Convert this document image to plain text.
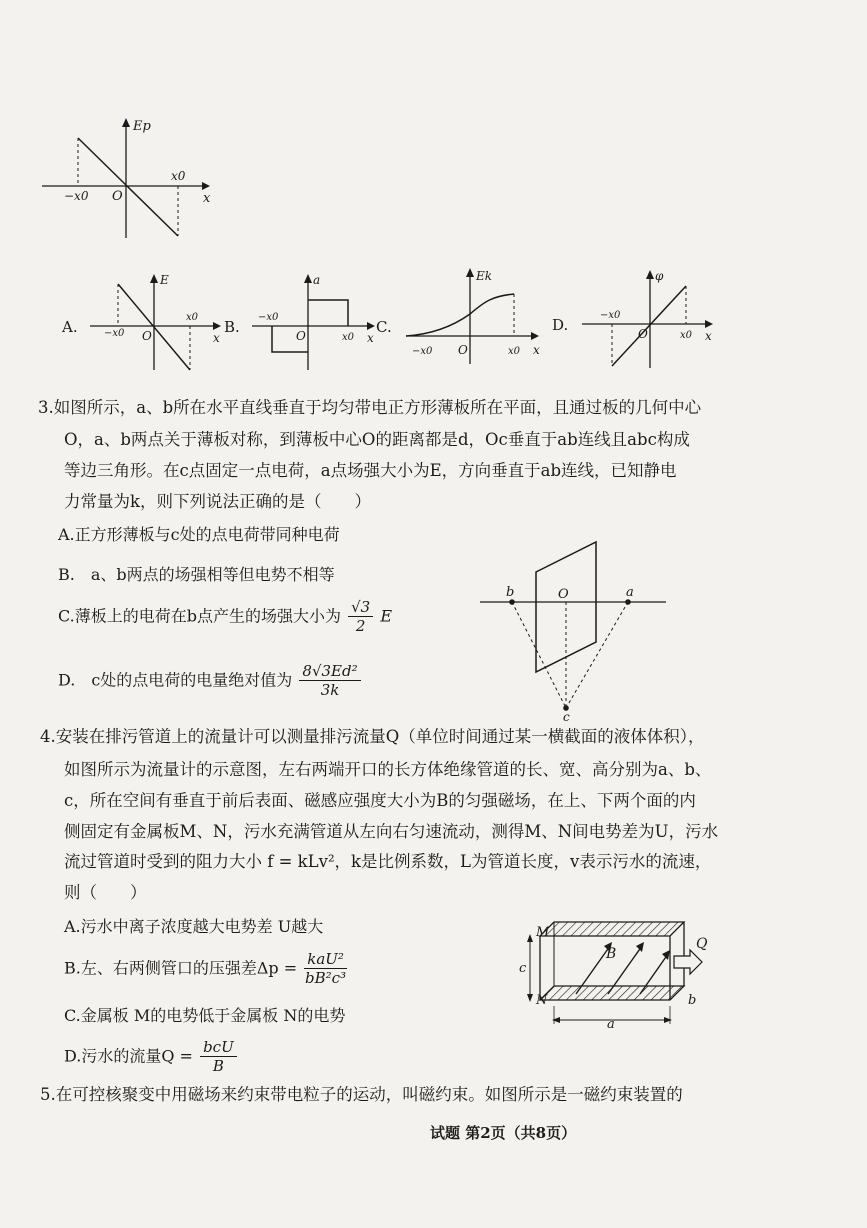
Ep
O
−x0
x0
x
A.
E
O
−x0
x0
x
B.
a
O
−x0
x0 x
C.
Ek
O
−x0	x0 x
D.
φ
O
−x0
x0 x
3.如图所示，a、b所在水平直线垂直于均匀带电正方形薄板所在平面，且通过板的几何中心
O，a、b两点关于薄板对称，到薄板中心O的距离都是d，Oc垂直于ab连线且abc构成
等边三角形。在c点固定一点电荷，a点场强大小为E，方向垂直于ab连线，已知静电
力常量为k，则下列说法正确的是（　　）
A.正方形薄板与c处的点电荷带同种电荷
B.　a、b两点的场强相等但电势不相等
C.薄板上的电荷在b点产生的场强大小为 $\frac{√3}{2}$ E
D.　c处的点电荷的电量绝对值为 $\frac{\text{8√3Ed²}}{3k}$
b	O	a
c
4.安装在排污管道上的流量计可以测量排污流量Q（单位时间通过某一横截面的液体体积），
如图所示为流量计的示意图，左右两端开口的长方体绝缘管道的长、宽、高分别为a、b、
c，所在空间有垂直于前后表面、磁感应强度大小为B的匀强磁场，在上、下两个面的内
侧固定有金属板M、N，污水充满管道从左向右匀速流动，测得M、N间电势差为U，污水
流过管道时受到的阻力大小 f = kLv²，k是比例系数，L为管道长度，v表示污水的流速，
则（　　）
A.污水中离子浓度越大电势差 U越大
B.左、右两侧管口的压强差$\Delta p = \frac{\text{kaU²}}{\text{bB²c³}}$
C.金属板 M的电势低于金属板 N的电势
D.污水的流量$Q = \frac{\text{bcU}}{B}$
M
N
B
Q
c
b
a
5.在可控核聚变中用磁场来约束带电粒子的运动，叫磁约束。如图所示是一磁约束装置的
试题 第2页（共8页）
